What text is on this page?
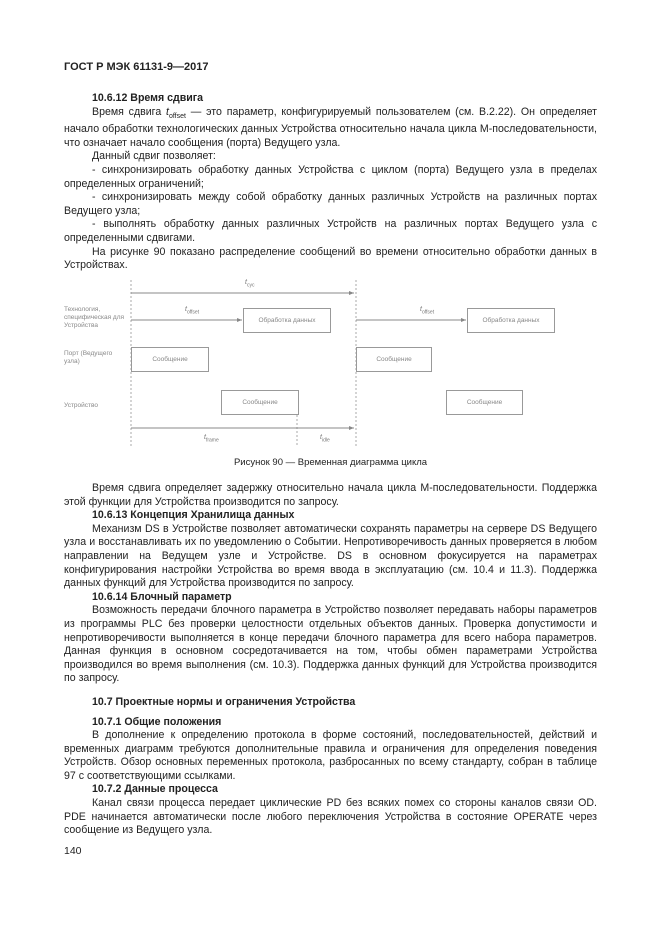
ГОСТ Р МЭК 61131-9—2017
10.6.12 Время сдвига

Время сдвига $t_{offset}$ — это параметр, конфигурируемый пользователем (см. В.2.22). Он определяет начало обработки технологических данных Устройства относительно начала цикла М-последовательности, что означает начало сообщения (порта) Ведущего узла.

Данный сдвиг позволяет:

- синхронизировать обработку данных Устройства с циклом (порта) Ведущего узла в пределах определенных ограничений;

- синхронизировать между собой обработку данных различных Устройств на различных портах Ведущего узла;

- выполнять обработку данных различных Устройств на различных портах Ведущего узла с определенными сдвигами.

На рисунке 90 показано распределение сообщений во времени относительно обработки данных в Устройствах.

$t_{cyc}$
$t_{offset}$	$t_{offset}$
$t_{frame}$	$t_{idle}$
Технология, специфическая для Устройства
Порт (Ведущего узла)
Устройство
Обработка данных	Обработка данных
Сообщение	Сообщение
Сообщение	Сообщение
Рисунок 90 — Временная диаграмма цикла

Время сдвига определяет задержку относительно начала цикла М-последовательности. Поддержка этой функции для Устройства производится по запросу.

10.6.13 Концепция Хранилища данных

Механизм DS в Устройстве позволяет автоматически сохранять параметры на сервере DS Ведущего узла и восстанавливать их по уведомлению о Событии. Непротиворечивость данных проверяется в любом направлении на Ведущем узле и Устройстве. DS в основном фокусируется на параметрах конфигурирования настройки Устройства во время ввода в эксплуатацию (см. 10.4 и 11.3). Поддержка данных функций для Устройства производится по запросу.

10.6.14 Блочный параметр

Возможность передачи блочного параметра в Устройство позволяет передавать наборы параметров из программы PLC без проверки целостности отдельных объектов данных. Проверка допустимости и непротиворечивости выполняется в конце передачи блочного параметра для всего набора параметров. Данная функция в основном сосредотачивается на том, чтобы обмен параметрами Устройства производился во время выполнения (см. 10.3). Поддержка данных функций для Устройства производится по запросу.

10.7 Проектные нормы и ограничения Устройства
10.7.1 Общие положения

В дополнение к определению протокола в форме состояний, последовательностей, действий и временных диаграмм требуются дополнительные правила и ограничения для определения поведения Устройств. Обзор основных переменных протокола, разбросанных по всему стандарту, собран в таблице 97 с соответствующими ссылками.

10.7.2 Данные процесса

Канал связи процесса передает циклические PD без всяких помех со стороны каналов связи OD. PDE начинается автоматически после любого переключения Устройства в состояние OPERATE через сообщение из Ведущего узла.

140
